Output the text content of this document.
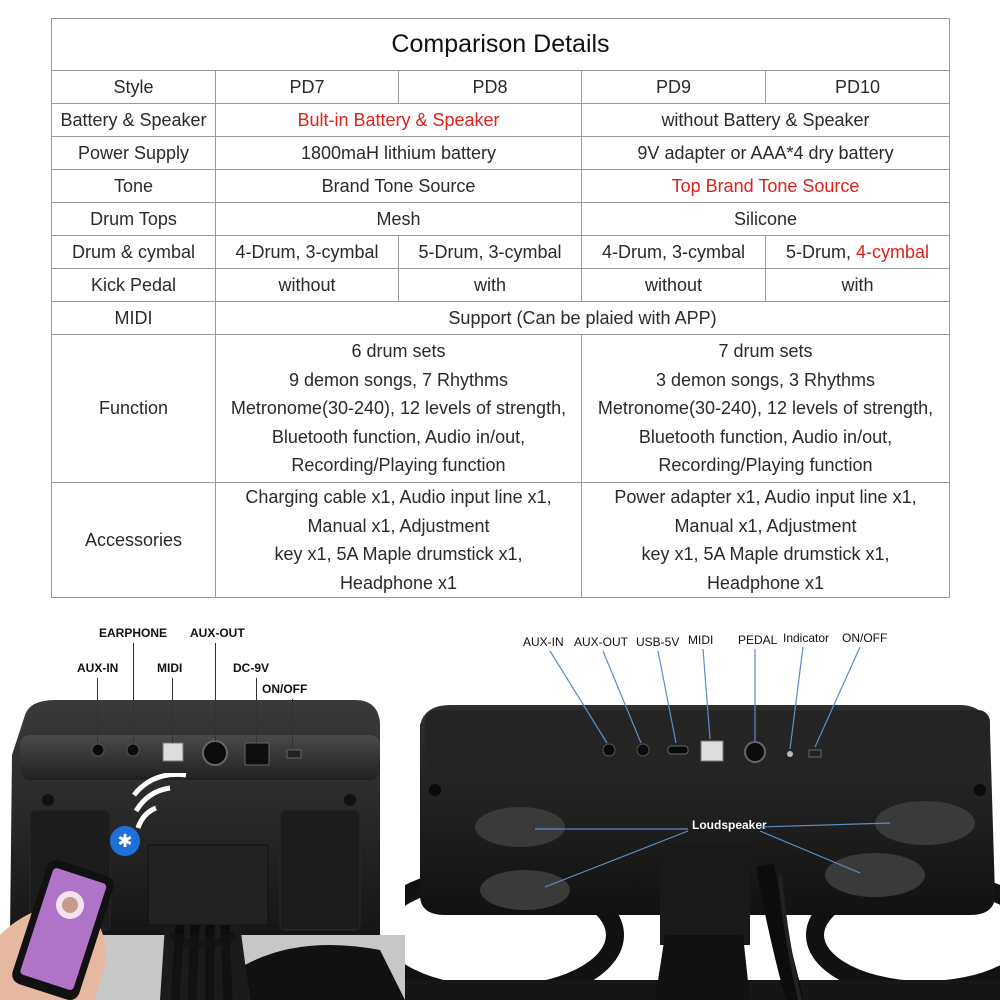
Comparison Details				
Style	PD7	PD8	PD9	PD10
Battery & Speaker	Bult-in Battery & Speaker		without Battery & Speaker	
Power Supply	1800maH lithium battery		9V adapter or AAA*4 dry battery	
Tone	Brand Tone Source		Top Brand Tone Source	
Drum Tops	Mesh		Silicone	
Drum & cymbal	4-Drum, 3-cymbal	5-Drum, 3-cymbal	4-Drum, 3-cymbal	5-Drum, 4-cymbal
Kick Pedal	without	with	without	with
MIDI	Support (Can be plaied with APP)			
Function	6 drum sets
9 demon songs, 7 Rhythms
Metronome(30-240), 12 levels of strength,
Bluetooth function, Audio in/out,
Recording/Playing function		7 drum sets
3 demon songs, 3 Rhythms
Metronome(30-240), 12 levels of strength,
Bluetooth function, Audio in/out,
Recording/Playing function	

Accessories	Charging cable x1, Audio input line x1,
Manual x1, Adjustment
key x1, 5A Maple drumstick x1,
Headphone x1		Power adapter x1, Audio input line x1,
Manual x1, Adjustment
key x1, 5A Maple drumstick x1,
Headphone x1	
✱
EARPHONE AUX-OUT
AUX-IN	MIDI	DC-9V
ON/OFF
AUX-IN AUX-OUT USB-5V MIDI PEDAL Indicator ON/OFF
Loudspeaker
